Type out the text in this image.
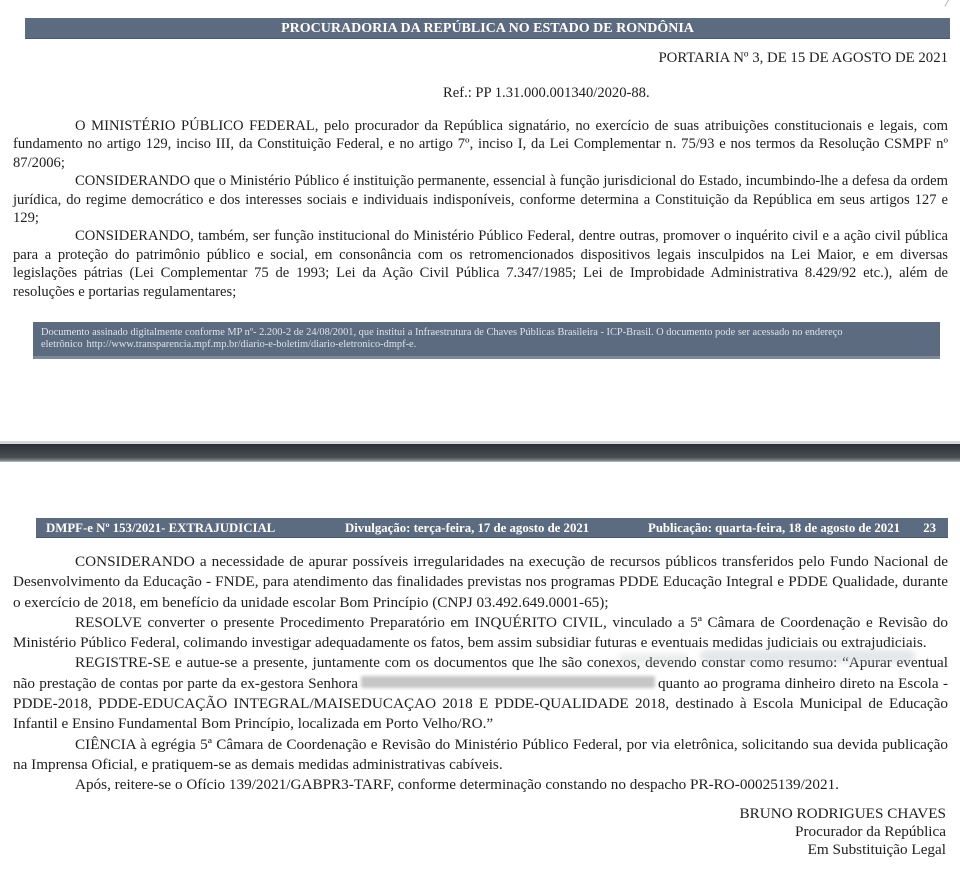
PROCURADORIA DA REPÚBLICA NO ESTADO DE RONDÔNIA
PORTARIA Nº 3, DE 15 DE AGOSTO DE 2021
Ref.: PP 1.31.000.001340/2020-88.

O MINISTÉRIO PÚBLICO FEDERAL, pelo procurador da República signatário, no exercício de suas atribuições constitucionais e legais, com fundamento no artigo 129, inciso III, da Constituição Federal, e no artigo 7º, inciso I, da Lei Complementar n. 75/93 e nos termos da Resolução CSMPF nº 87/2006;

CONSIDERANDO que o Ministério Público é instituição permanente, essencial à função jurisdicional do Estado, incumbindo-lhe a defesa da ordem jurídica, do regime democrático e dos interesses sociais e individuais indisponíveis, conforme determina a Constituição da República em seus artigos 127 e 129;

CONSIDERANDO, também, ser função institucional do Ministério Público Federal, dentre outras, promover o inquérito civil e a ação civil pública para a proteção do patrimônio público e social, em consonância com os retromencionados dispositivos legais insculpidos na Lei Maior, e em diversas legislações pátrias (Lei Complementar 75 de 1993; Lei da Ação Civil Pública 7.347/1985; Lei de Improbidade Administrativa 8.429/92 etc.), além de resoluções e portarias regulamentares;

Documento assinado digitalmente conforme MP nº- 2.200-2 de 24/08/2001, que institui a Infraestrutura de Chaves Públicas Brasileira - ICP-Brasil. O documento pode ser acessado no endereço
eletrônico http://www.transparencia.mpf.mp.br/diario-e-boletim/diario-eletronico-dmpf-e.
DMPF-e Nº 153/2021- EXTRAJUDICIAL	Divulgação: terça-feira, 17 de agosto de 2021	Publicação: quarta-feira, 18 de agosto de 2021 23

CONSIDERANDO a necessidade de apurar possíveis irregularidades na execução de recursos públicos transferidos pelo Fundo Nacional de Desenvolvimento da Educação - FNDE, para atendimento das finalidades previstas nos programas PDDE Educação Integral e PDDE Qualidade, durante o exercício de 2018, em benefício da unidade escolar Bom Princípio (CNPJ 03.492.649.0001-65);

RESOLVE converter o presente Procedimento Preparatório em INQUÉRITO CIVIL, vinculado a 5ª Câmara de Coordenação e Revisão do Ministério Público Federal, colimando investigar adequadamente os fatos, bem assim subsidiar futuras e eventuais medidas judiciais ou extrajudiciais.

REGISTRE-SE e autue-se a presente, juntamente com os documentos que lhe são conexos, devendo constar como resumo: “Apurar eventual não prestação de contas por parte da ex-gestora Senhora	quanto ao programa dinheiro direto na Escola - PDDE-2018, PDDE-EDUCAÇÃO INTEGRAL/MAISEDUCAÇAO 2018 E PDDE-QUALIDADE 2018, destinado à Escola Municipal de Educação Infantil e Ensino Fundamental Bom Princípio, localizada em Porto Velho/RO.”

CIÊNCIA à egrégia 5ª Câmara de Coordenação e Revisão do Ministério Público Federal, por via eletrônica, solicitando sua devida publicação na Imprensa Oficial, e pratiquem-se as demais medidas administrativas cabíveis.

Após, reitere-se o Ofício 139/2021/GABPR3-TARF, conforme determinação constando no despacho PR-RO-00025139/2021.

BRUNO RODRIGUES CHAVES
Procurador da República
Em Substituição Legal
